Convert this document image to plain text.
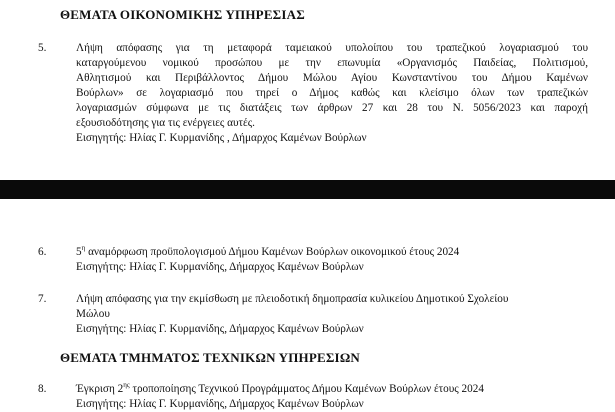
ΘΕΜΑΤΑ ΟΙΚΟΝΟΜΙΚΗΣ ΥΠΗΡΕΣΙΑΣ
5.	Λήψη απόφασης για τη μεταφορά ταμειακού υπολοίπου του τραπεζικού λογαριασμού του
καταργούμενου νομικού προσώπου με την επωνυμία «Οργανισμός Παιδείας, Πολιτισμού,
Αθλητισμού και Περιβάλλοντος Δήμου Μώλου Αγίου Κωνσταντίνου του Δήμου Καμένων
Βούρλων» σε λογαριασμό που τηρεί ο Δήμος καθώς και κλείσιμο όλων των τραπεζικών
λογαριασμών σύμφωνα με τις διατάξεις των άρθρων 27 και 28 του Ν. 5056/2023 και παροχή
εξουσιοδότησης για τις ενέργειες αυτές.
Εισηγητής: Ηλίας Γ. Κυρμανίδης , Δήμαρχος Καμένων Βούρλων
6.	$5^\eta$ αναμόρφωση προϋπολογισμού Δήμου Καμένων Βούρλων οικονομικού έτους 2024
Εισηγήτης: Ηλίας Γ. Κυρμανίδης, Δήμαρχος Καμένων Βούρλων
7.	Λήψη απόφασης για την εκμίσθωση με πλειοδοτική δημοπρασία κυλικείου Δημοτικού Σχολείου
Μώλου
Εισηγήτης: Ηλίας Γ. Κυρμανίδης, Δήμαρχος Καμένων Βούρλων
ΘΕΜΑΤΑ ΤΜΗΜΑΤΟΣ ΤΕΧΝΙΚΩΝ ΥΠΗΡΕΣΙΩΝ
8.	Έγκριση $2^{\eta\varsigma}$ τροποποίησης Τεχνικού Προγράμματος Δήμου Καμένων Βούρλων έτους 2024
Εισηγήτης: Ηλίας Γ. Κυρμανίδης, Δήμαρχος Καμένων Βούρλων
